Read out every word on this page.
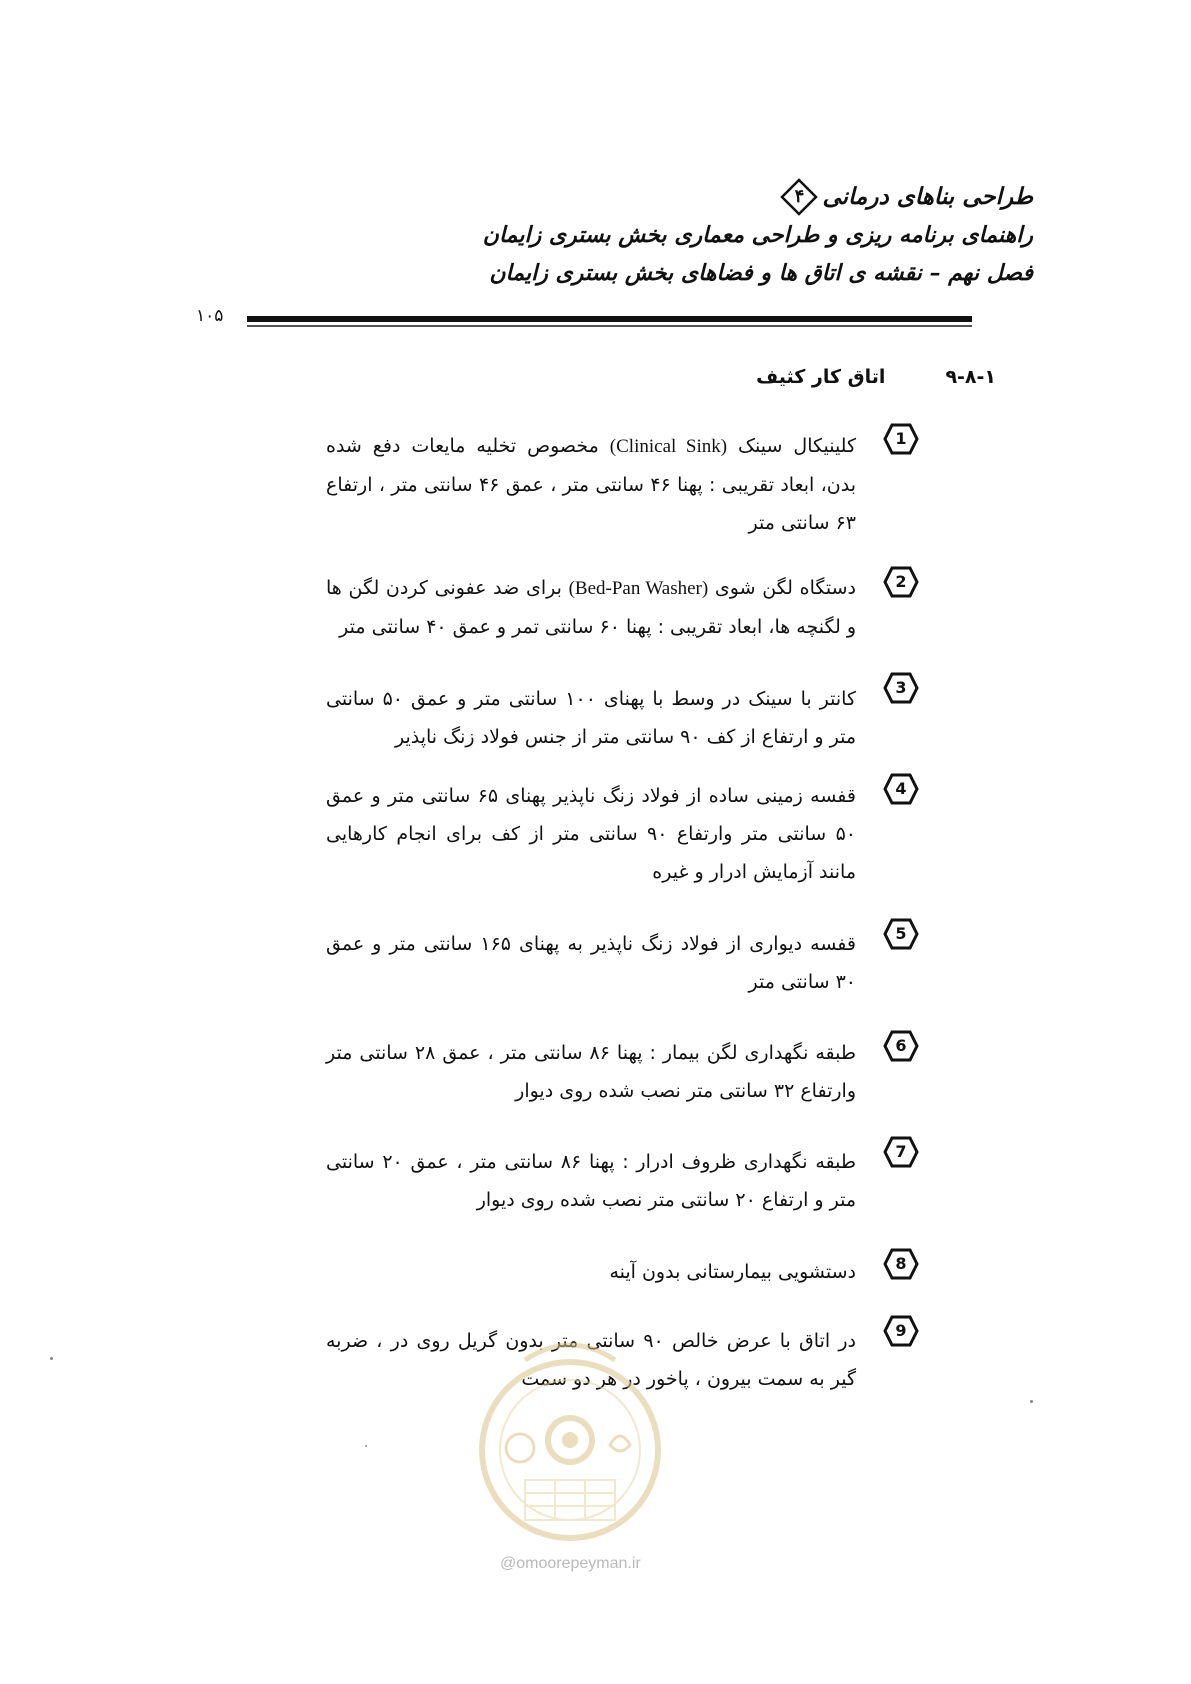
طراحی بناهای درمانی
۴
راهنمای برنامه ریزی و طراحی معماری بخش بستری زایمان
فصل نهم – نقشه ی اتاق ها و فضاهای بخش بستری زایمان
۱۰۵
۹-۸-۱
اتاق کار کثیف
1
کلینیکال سینک (Clinical Sink) مخصوص تخلیه مایعات دفع شده بدن، ابعاد تقریبی : پهنا ۴۶ سانتی متر ، عمق ۴۶ سانتی متر ، ارتفاع ۶۳ سانتی متر
2
دستگاه لگن شوی (Bed-Pan Washer) برای ضد عفونی کردن لگن ها و لگنچه ها، ابعاد تقریبی : پهنا ۶۰ سانتی تمر و عمق ۴۰ سانتی متر
3
کانتر با سینک در وسط با پهنای ۱۰۰ سانتی متر و عمق ۵۰ سانتی متر و ارتفاع از کف ۹۰ سانتی متر از جنس فولاد زنگ ناپذیر
4
قفسه زمینی ساده از فولاد زنگ ناپذیر پهنای ۶۵ سانتی متر و عمق ۵۰ سانتی متر وارتفاع ۹۰ سانتی متر از کف برای انجام کارهایی مانند آزمایش ادرار و غیره
5
قفسه دیواری از فولاد زنگ ناپذیر به پهنای ۱۶۵ سانتی متر و عمق ۳۰ سانتی متر
6
طبقه نگهداری لگن بیمار : پهنا ۸۶ سانتی متر ، عمق ۲۸ سانتی متر وارتفاع ۳۲ سانتی متر نصب شده روی دیوار
7
طبقه نگهداری ظروف ادرار : پهنا ۸۶ سانتی متر ، عمق ۲۰ سانتی متر و ارتفاع ۲۰ سانتی متر نصب شده روی دیوار
8
دستشویی بیمارستانی بدون آینه
9
در اتاق با عرض خالص ۹۰ سانتی متر بدون گریل روی در ، ضربه گیر به سمت بیرون ، پاخور در هر دو سمت
@omoorepeyman.ir
